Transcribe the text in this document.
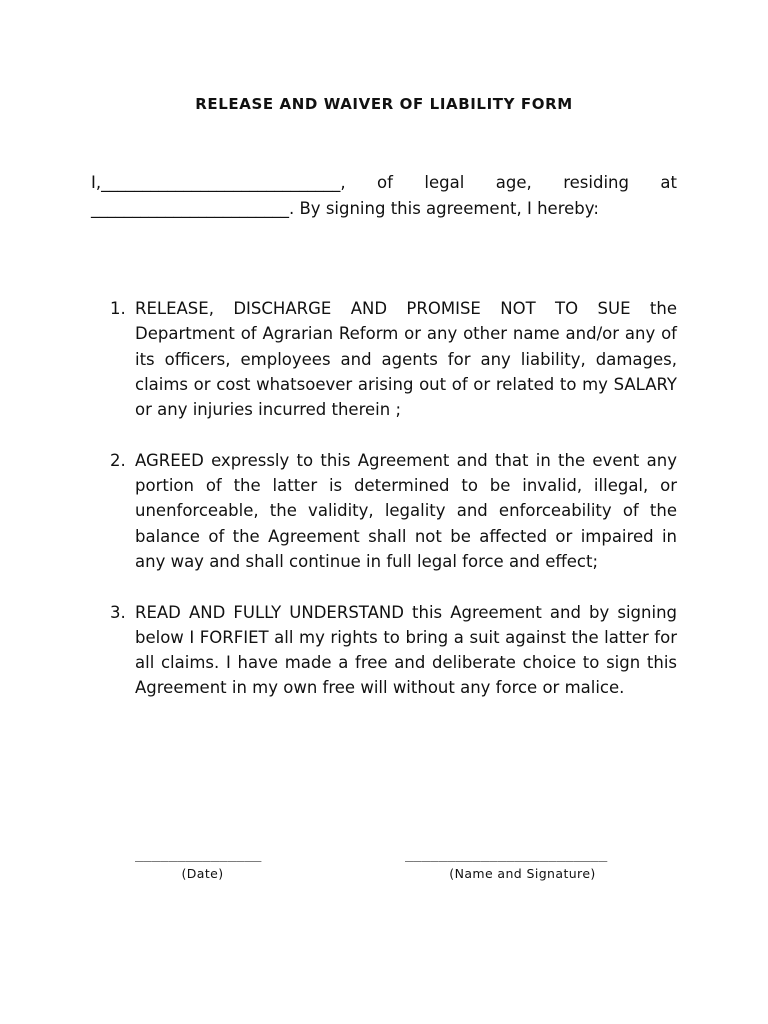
RELEASE AND WAIVER OF LIABILITY FORM

I,_____________________________, of legal age, residing at ________________________. By signing this agreement, I hereby:

1. RELEASE, DISCHARGE AND PROMISE NOT TO SUE the Department of Agrarian Reform or any other name and/or any of its officers, employees and agents for any liability, damages, claims or cost whatsoever arising out of or related to my SALARY or any injuries incurred therein ;
2. AGREED expressly to this Agreement and that in the event any portion of the latter is determined to be invalid, illegal, or unenforceable, the validity, legality and enforceability of the balance of the Agreement shall not be affected or impaired in any way and shall continue in full legal force and effect;
3. READ AND FULLY UNDERSTAND this Agreement and by signing below I FORFIET all my rights to bring a suit against the latter for all claims. I have made a free and deliberate choice to sign this Agreement in my own free will without any force or malice.
_______________
(Date)
________________________
(Name and Signature)
